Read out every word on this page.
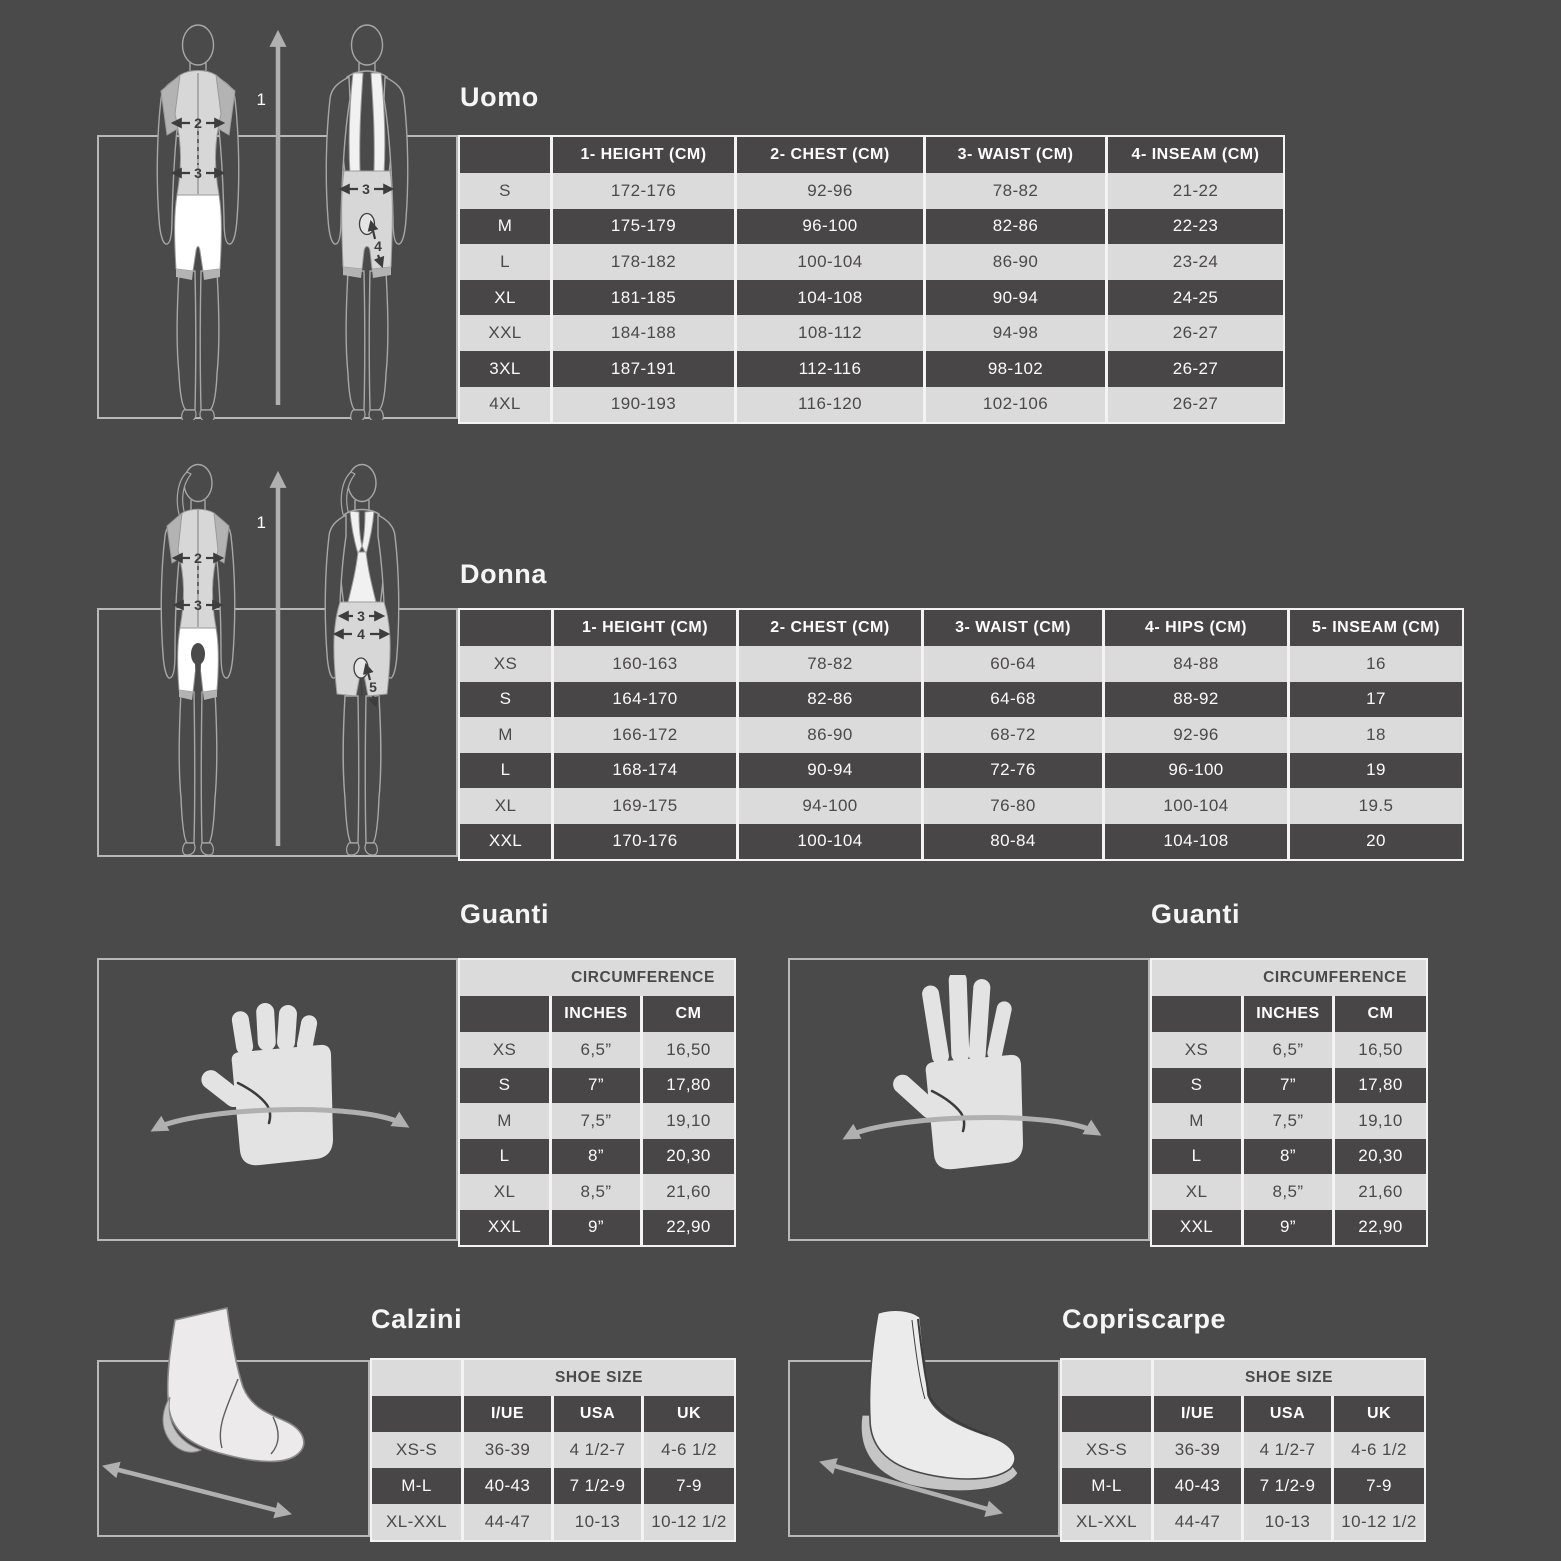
1
2
3
3
4
Uomo
1- HEIGHT (CM)	2- CHEST (CM)	3- WAIST (CM)	4- INSEAM (CM)
S	172-176	92-96	78-82	21-22
M	175-179	96-100	82-86	22-23
L	178-182	100-104	86-90	23-24
XL	181-185	104-108	90-94	24-25
XXL	184-188	108-112	94-98	26-27
3XL	187-191	112-116	98-102	26-27
4XL	190-193	116-120	102-106	26-27
1
2
3
3
4
5
Donna
1- HEIGHT (CM)	2- CHEST (CM)	3- WAIST (CM)	4- HIPS (CM)	5- INSEAM (CM)
XS	160-163	78-82	60-64	84-88	16
S	164-170	82-86	64-68	88-92	17
M	166-172	86-90	68-72	92-96	18
L	168-174	90-94	72-76	96-100	19
XL	169-175	94-100	76-80	100-104	19.5
XXL	170-176	100-104	80-84	104-108	20
Guanti
CIRCUMFERENCE
INCHES	CM
XS	6,5”	16,50
S	7”	17,80
M	7,5”	19,10
L	8”	20,30
XL	8,5”	21,60
XXL	9”	22,90
Guanti
CIRCUMFERENCE
INCHES	CM
XS	6,5”	16,50
S	7”	17,80
M	7,5”	19,10
L	8”	20,30
XL	8,5”	21,60
XXL	9”	22,90
Calzini
SHOE SIZE
I/UE	USA	UK
XS-S	36-39	4 1/2-7	4-6 1/2
M-L	40-43	7 1/2-9	7-9
XL-XXL	44-47	10-13	10-12 1/2
Copriscarpe
SHOE SIZE
I/UE	USA	UK
XS-S	36-39	4 1/2-7	4-6 1/2
M-L	40-43	7 1/2-9	7-9
XL-XXL	44-47	10-13	10-12 1/2
